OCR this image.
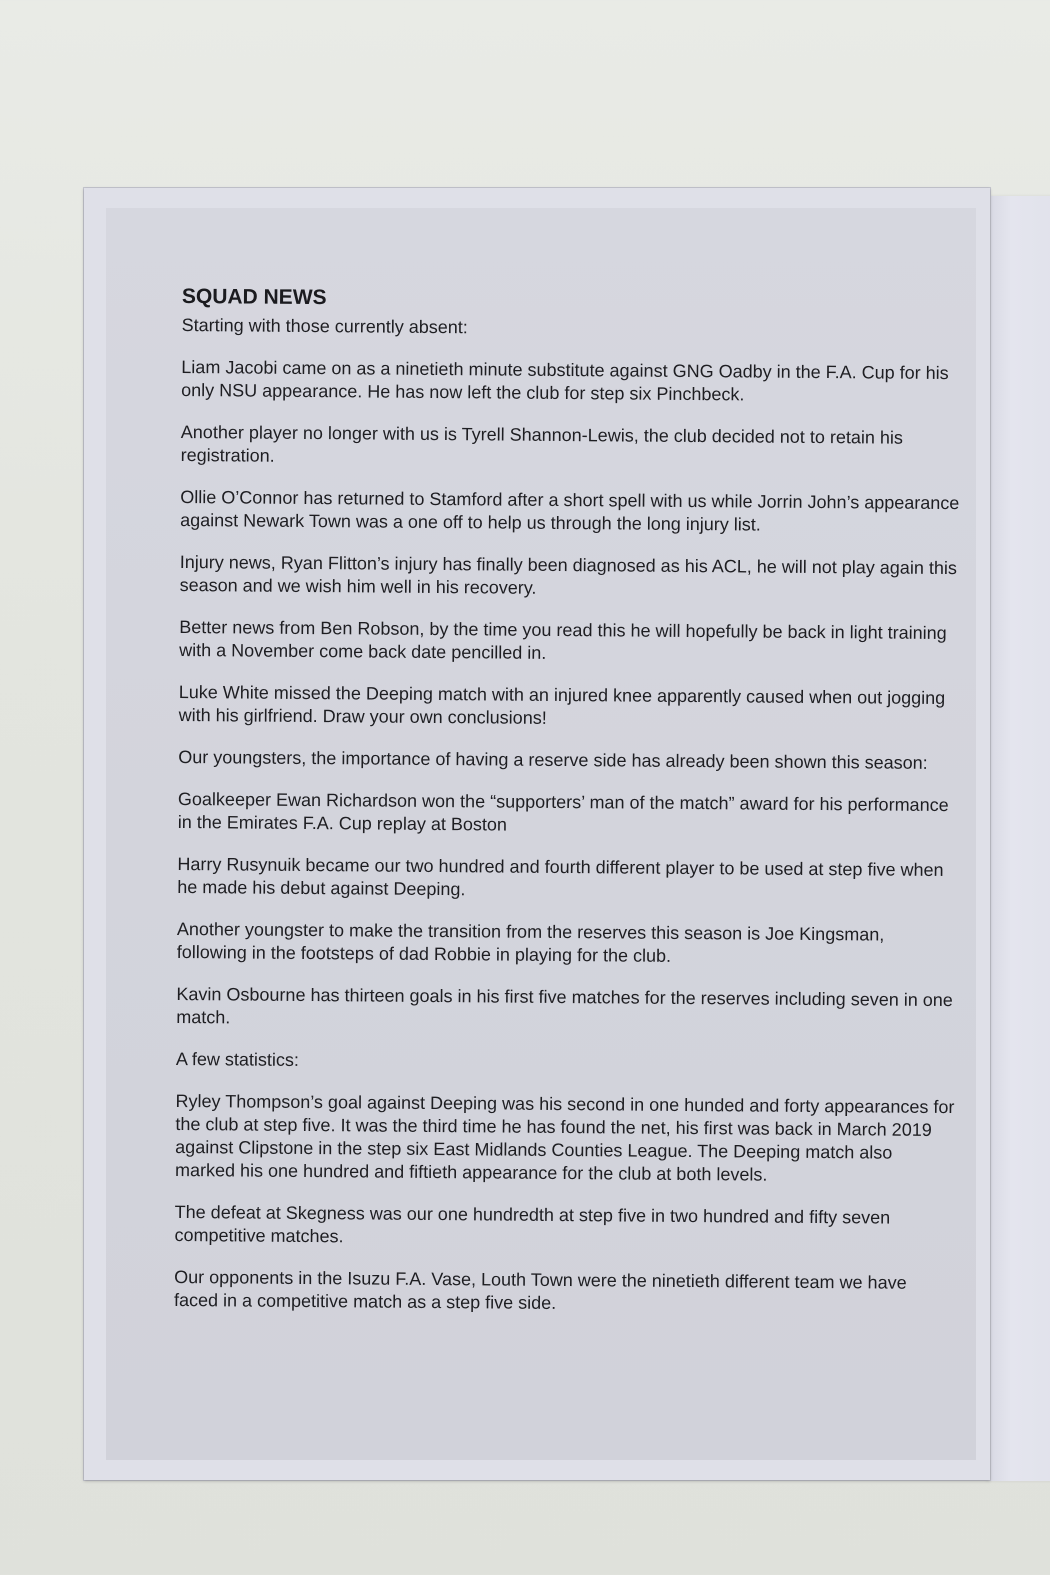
SQUAD NEWS

Starting with those currently absent:

Liam Jacobi came on as a ninetieth minute substitute against GNG Oadby in the F.A. Cup for his only NSU appearance. He has now left the club for step six Pinchbeck.

Another player no longer with us is Tyrell Shannon-Lewis, the club decided not to retain his registration.

Ollie O’Connor has returned to Stamford after a short spell with us while Jorrin John’s appearance against Newark Town was a one off to help us through the long injury list.

Injury news, Ryan Flitton’s injury has finally been diagnosed as his ACL, he will not play again this season and we wish him well in his recovery.

Better news from Ben Robson, by the time you read this he will hopefully be back in light training with a November come back date pencilled in.

Luke White missed the Deeping match with an injured knee apparently caused when out jogging with his girlfriend. Draw your own conclusions!

Our youngsters, the importance of having a reserve side has already been shown this season:

Goalkeeper Ewan Richardson won the “supporters’ man of the match” award for his performance in the Emirates F.A. Cup replay at Boston

Harry Rusynuik became our two hundred and fourth different player to be used at step five when he made his debut against Deeping.

Another youngster to make the transition from the reserves this season is Joe Kingsman, following in the footsteps of dad Robbie in playing for the club.

Kavin Osbourne has thirteen goals in his first five matches for the reserves including seven in one match.

A few statistics:

Ryley Thompson’s goal against Deeping was his second in one hunded and forty appearances for the club at step five. It was the third time he has found the net, his first was back in March 2019 against Clipstone in the step six East Midlands Counties League. The Deeping match also marked his one hundred and fiftieth appearance for the club at both levels.

The defeat at Skegness was our one hundredth at step five in two hundred and fifty seven competitive matches.

Our opponents in the Isuzu F.A. Vase, Louth Town were the ninetieth different team we have faced in a competitive match as a step five side.
